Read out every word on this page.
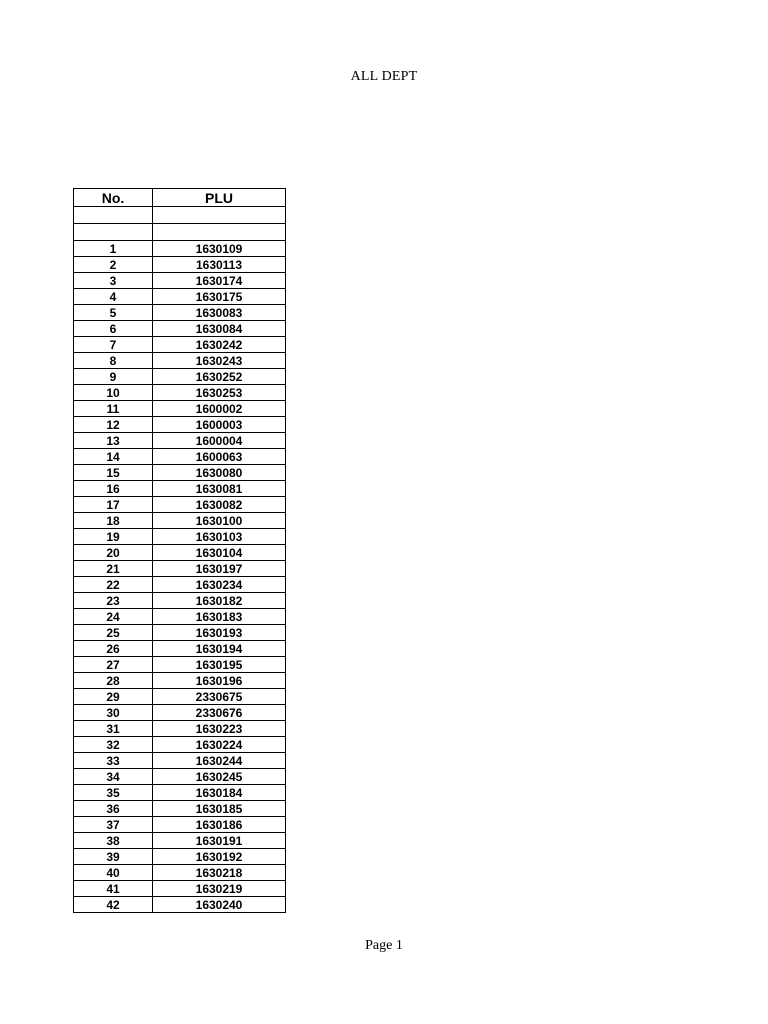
ALL DEPT
No.	PLU

1	1630109
2	1630113
3	1630174
4	1630175
5	1630083
6	1630084
7	1630242
8	1630243
9	1630252
10	1630253
11	1600002
12	1600003
13	1600004
14	1600063
15	1630080
16	1630081
17	1630082
18	1630100
19	1630103
20	1630104
21	1630197
22	1630234
23	1630182
24	1630183
25	1630193
26	1630194
27	1630195
28	1630196
29	2330675
30	2330676
31	1630223
32	1630224
33	1630244
34	1630245
35	1630184
36	1630185
37	1630186
38	1630191
39	1630192
40	1630218
41	1630219
42	1630240
Page 1
